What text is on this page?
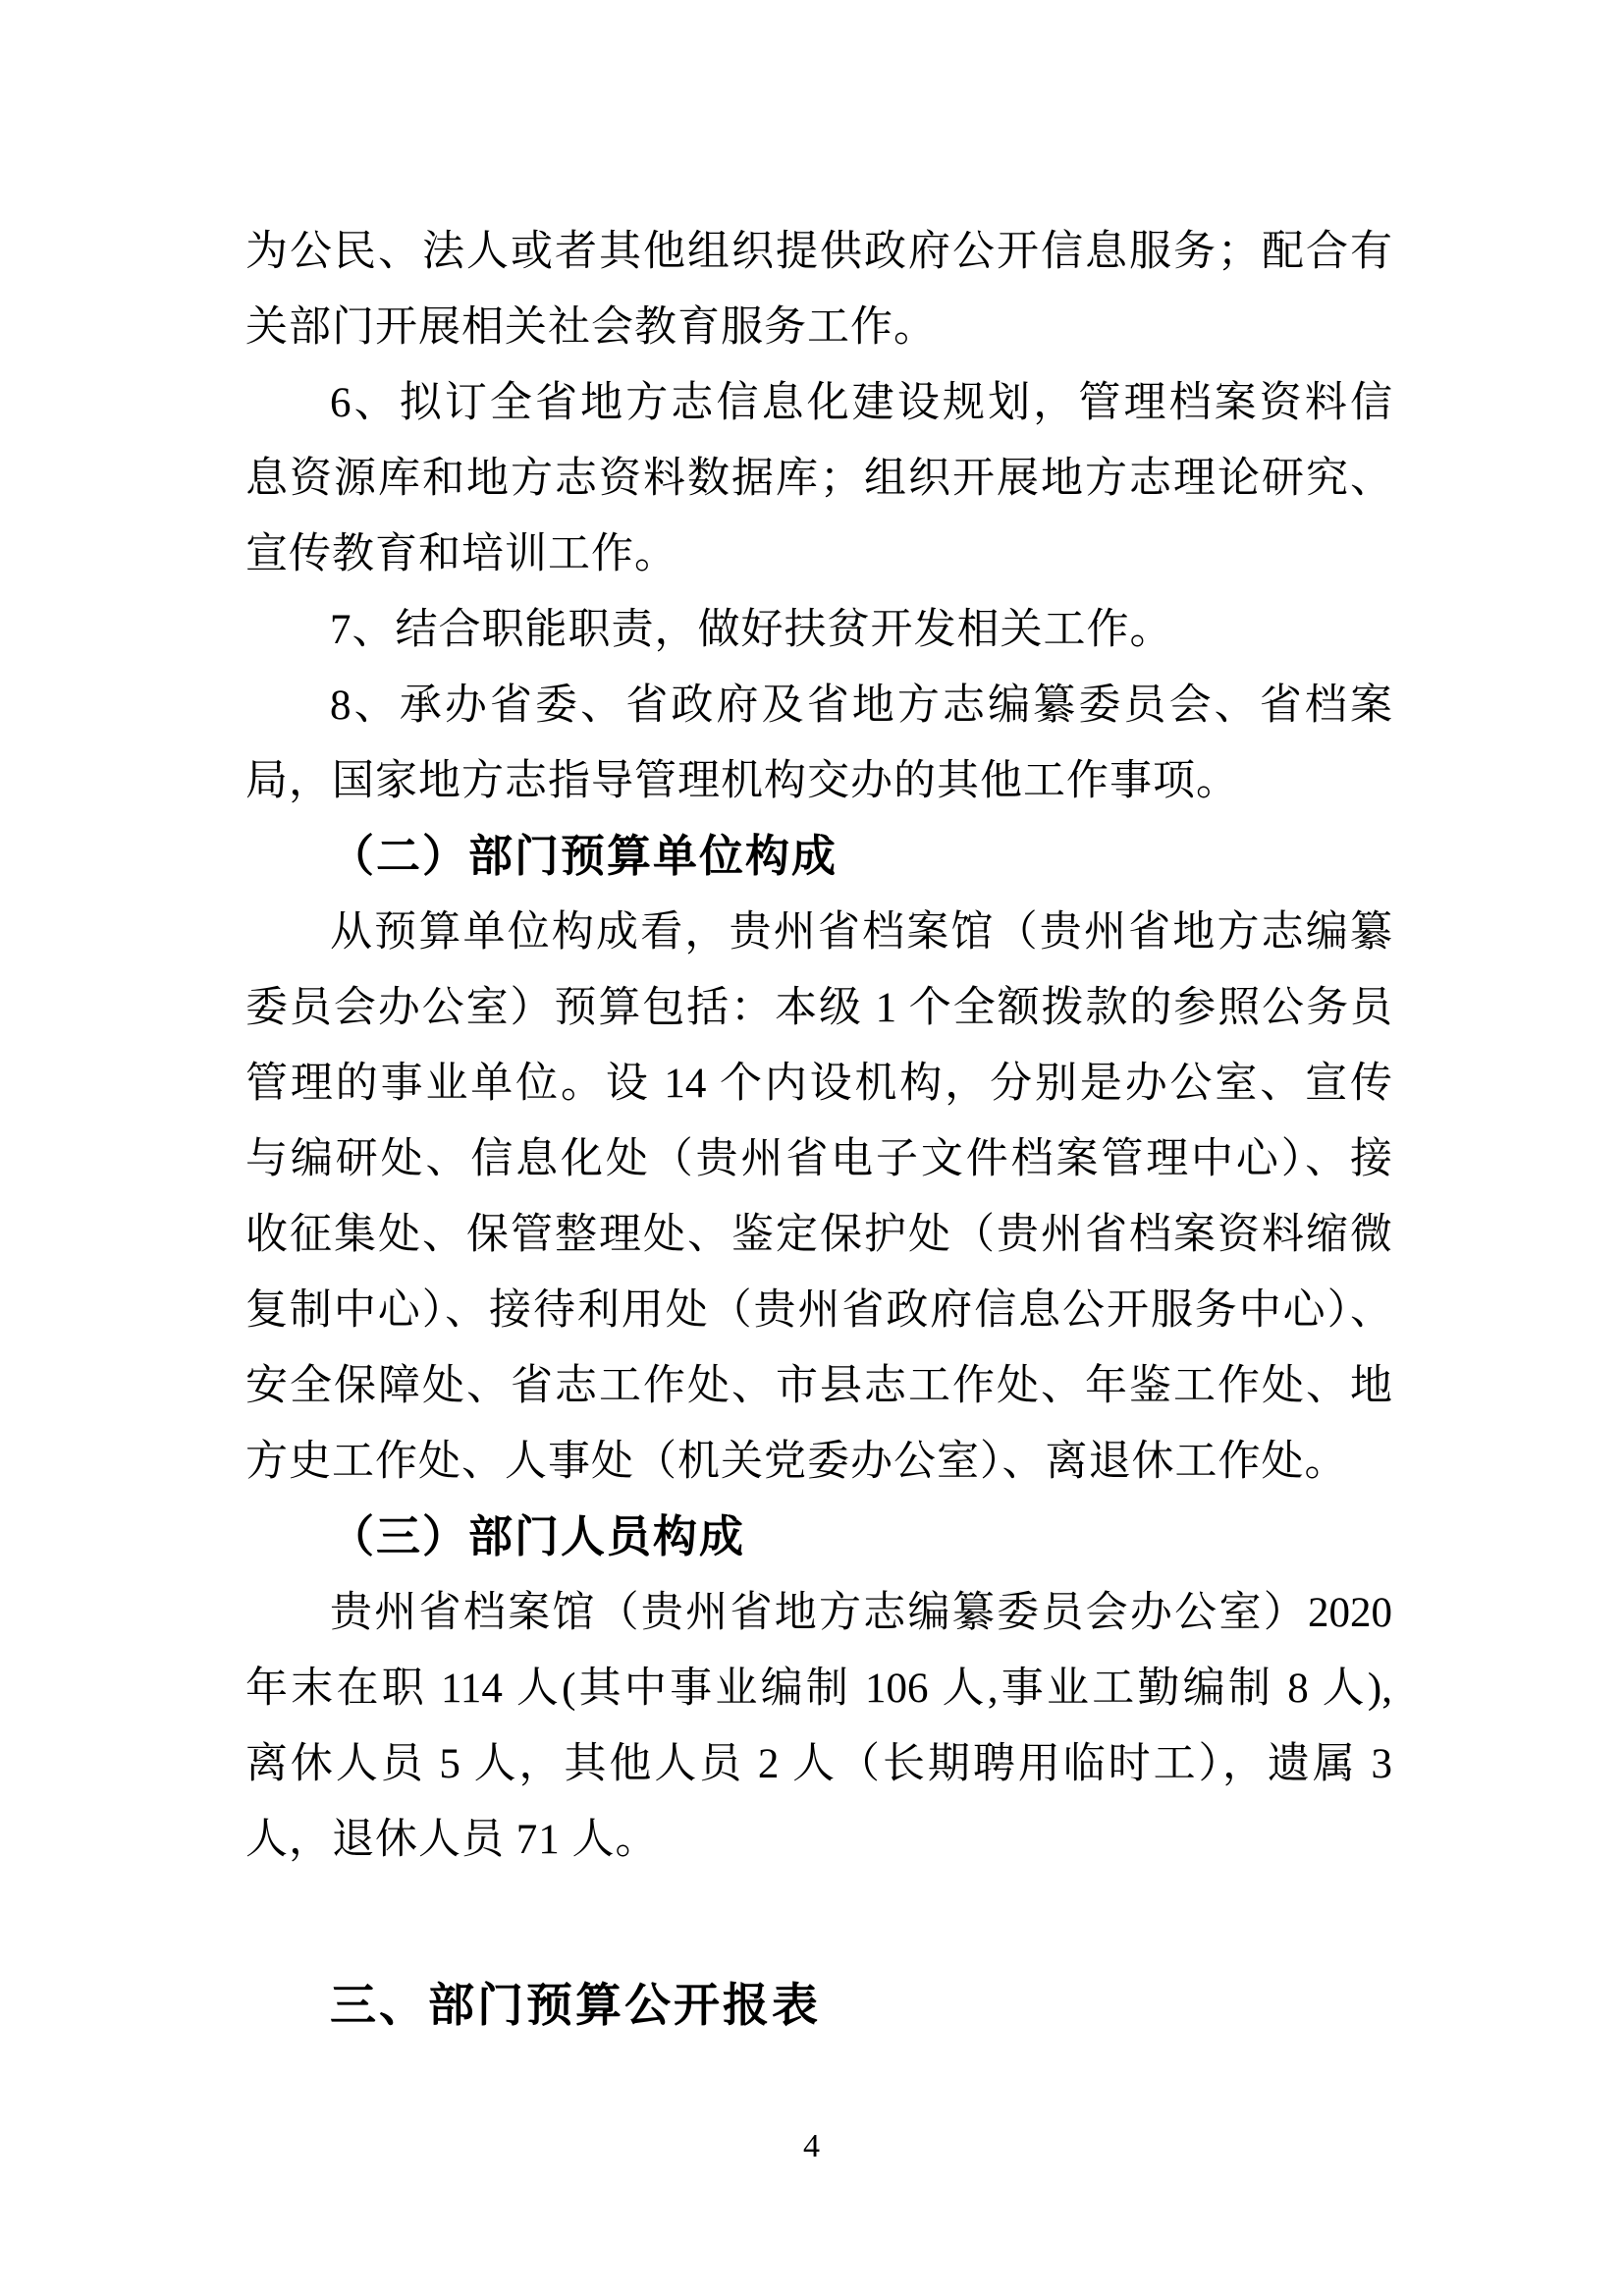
为公民、法人或者其他组织提供政府公开信息服务；配合有
关部门开展相关社会教育服务工作。
6、拟订全省地方志信息化建设规划，管理档案资料信
息资源库和地方志资料数据库；组织开展地方志理论研究、
宣传教育和培训工作。
7、结合职能职责，做好扶贫开发相关工作。
8、承办省委、省政府及省地方志编纂委员会、省档案
局，国家地方志指导管理机构交办的其他工作事项。
（二）部门预算单位构成
从预算单位构成看，贵州省档案馆（贵州省地方志编纂
委员会办公室）预算包括：本级 1 个全额拨款的参照公务员
管理的事业单位。设 14 个内设机构，分别是办公室、宣传
与编研处、信息化处（贵州省电子文件档案管理中心）、接
收征集处、保管整理处、鉴定保护处（贵州省档案资料缩微
复制中心）、接待利用处（贵州省政府信息公开服务中心）、
安全保障处、省志工作处、市县志工作处、年鉴工作处、地
方史工作处、人事处（机关党委办公室）、离退休工作处。
（三）部门人员构成
贵州省档案馆（贵州省地方志编纂委员会办公室）2020
年末在职 114 人(其中事业编制 106 人,事业工勤编制 8 人),
离休人员 5 人，其他人员 2 人（长期聘用临时工），遗属 3
人，退休人员 71 人。
三、部门预算公开报表
4
